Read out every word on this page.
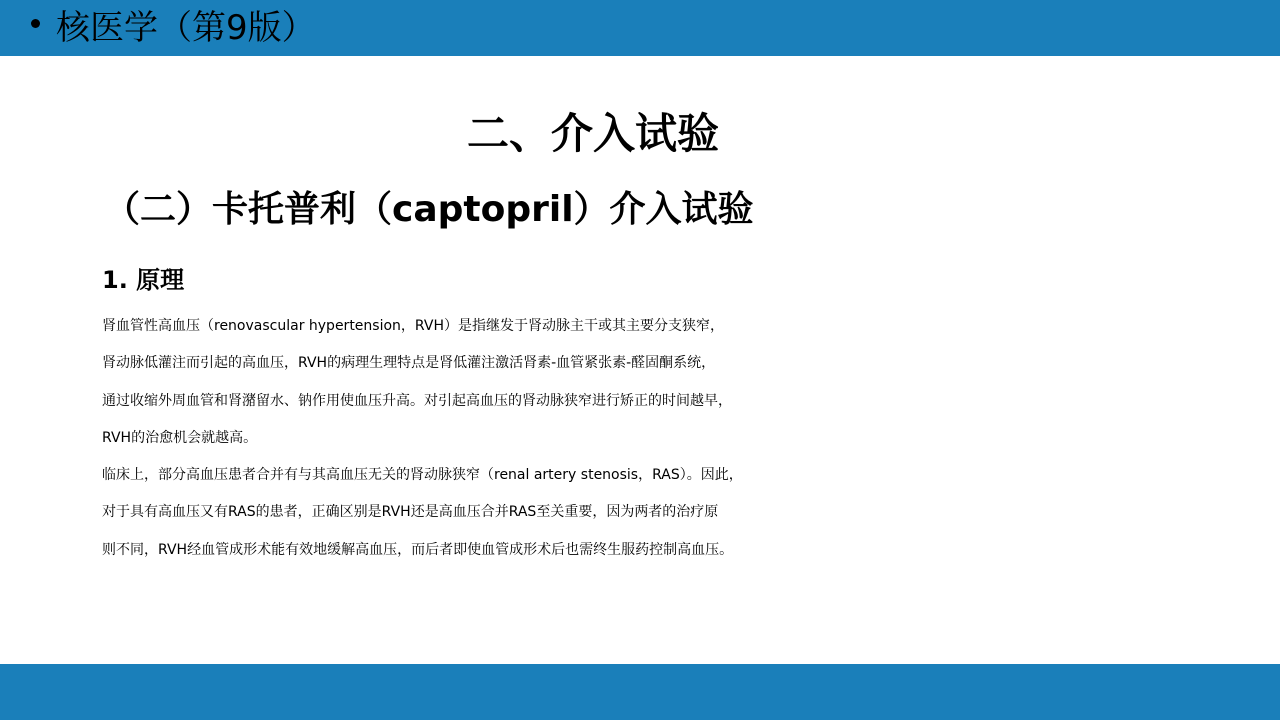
核医学（第9版）
二、介入试验
（二）卡托普利（captopril）介入试验
1. 原理
肾血管性高血压（renovascular hypertension，RVH）是指继发于肾动脉主干或其主要分支狭窄，
肾动脉低灌注而引起的高血压，RVH的病理生理特点是肾低灌注激活肾素-血管紧张素-醛固酮系统，
通过收缩外周血管和肾潴留水、钠作用使血压升高。对引起高血压的肾动脉狭窄进行矫正的时间越早，
RVH的治愈机会就越高。
临床上，部分高血压患者合并有与其高血压无关的肾动脉狭窄（renal artery stenosis，RAS）。因此，
对于具有高血压又有RAS的患者，正确区别是RVH还是高血压合并RAS至关重要，因为两者的治疗原
则不同，RVH经血管成形术能有效地缓解高血压，而后者即使血管成形术后也需终生服药控制高血压。
